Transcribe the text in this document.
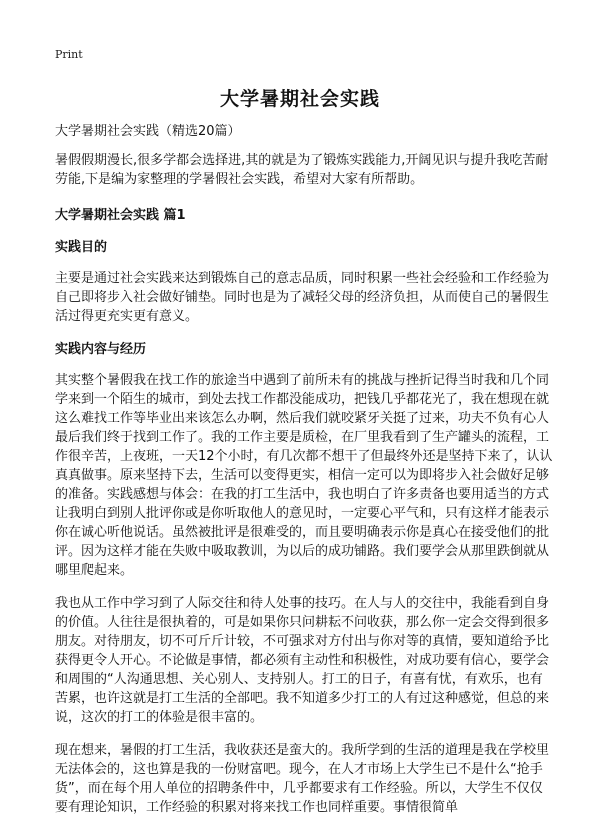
Print
大学暑期社会实践

大学暑期社会实践（精选20篇）

暑假假期漫长,很多学都会选择进,其的就是为了锻炼实践能力,开阔见识与提升我吃苦耐劳能,下是编为家整理的学暑假社会实践，希望对大家有所帮助。

大学暑期社会实践 篇1
实践目的

主要是通过社会实践来达到锻炼自己的意志品质，同时积累一些社会经验和工作经验为自己即将步入社会做好铺垫。同时也是为了减轻父母的经济负担，从而使自己的暑假生活过得更充实更有意义。

实践内容与经历

其实整个暑假我在找工作的旅途当中遇到了前所未有的挑战与挫折记得当时我和几个同学来到一个陌生的城市，到处去找工作都没能成功，把钱几乎都花光了，我在想现在就这么难找工作等毕业出来该怎么办啊，然后我们就咬紧牙关挺了过来，功夫不负有心人最后我们终于找到工作了。我的工作主要是质检，在厂里我看到了生产罐头的流程，工作很辛苦，上夜班，一天12个小时，有几次都不想干了但最终外还是坚持下来了，认认真真做事。原来坚持下去，生活可以变得更实，相信一定可以为即将步入社会做好足够的准备。实践感想与体会：在我的打工生活中，我也明白了许多责备也要用适当的方式让我明白到别人批评你或是你听取他人的意见时，一定要心平气和，只有这样才能表示你在诚心听他说话。虽然被批评是很难受的，而且要明确表示你是真心在接受他们的批评。因为这样才能在失败中吸取教训，为以后的成功铺路。我们要学会从那里跌倒就从哪里爬起来。

我也从工作中学习到了人际交往和待人处事的技巧。在人与人的交往中，我能看到自身的价值。人往往是很执着的，可是如果你只问耕耘不问收获，那么你一定会交得到很多朋友。对待朋友，切不可斤斤计较，不可强求对方付出与你对等的真情，要知道给予比获得更令人开心。不论做是事情，都必须有主动性和积极性，对成功要有信心，要学会和周围的“人沟通思想、关心别人、支持别人。打工的日子，有喜有忧，有欢乐，也有苦累，也许这就是打工生活的全部吧。我不知道多少打工的人有过这种感觉，但总的来说，这次的打工的体验是很丰富的。

现在想来，暑假的打工生活，我收获还是蛮大的。我所学到的生活的道理是我在学校里无法体会的，这也算是我的一份财富吧。现今，在人才市场上大学生已不是什么“抢手货”，而在每个用人单位的招聘条件中，几乎都要求有工作经验。所以，大学生不仅仅要有理论知识，工作经验的积累对将来找工作也同样重要。事情很简单
